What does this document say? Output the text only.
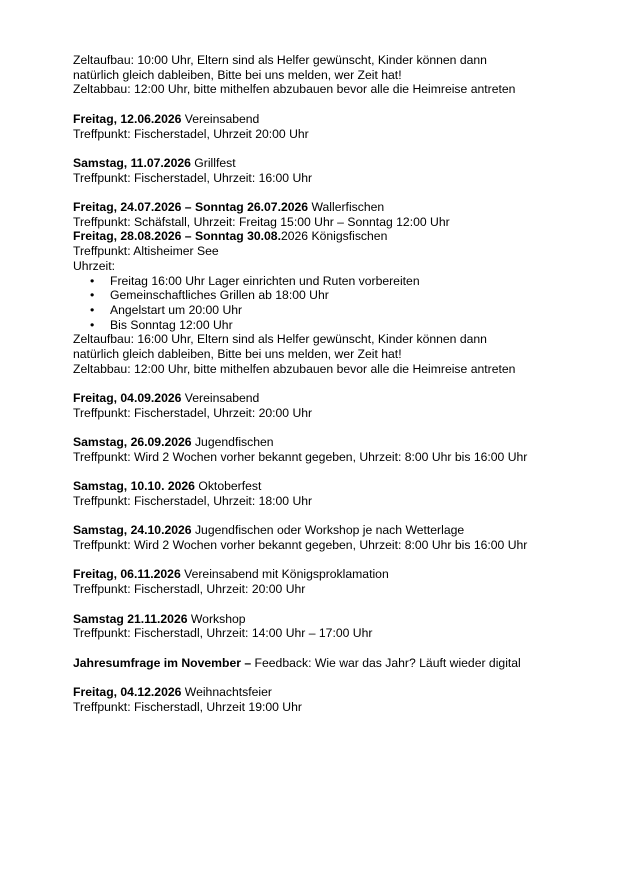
Zeltaufbau: 10:00 Uhr, Eltern sind als Helfer gewünscht, Kinder können dann
natürlich gleich dableiben, Bitte bei uns melden, wer Zeit hat!
Zeltabbau: 12:00 Uhr, bitte mithelfen abzubauen bevor alle die Heimreise antreten
Freitag, 12.06.2026 Vereinsabend
Treffpunkt: Fischerstadel, Uhrzeit 20:00 Uhr
Samstag, 11.07.2026 Grillfest
Treffpunkt: Fischerstadel, Uhrzeit: 16:00 Uhr
Freitag, 24.07.2026 – Sonntag 26.07.2026 Wallerfischen
Treffpunkt: Schäfstall, Uhrzeit: Freitag 15:00 Uhr – Sonntag 12:00 Uhr
Freitag, 28.08.2026 – Sonntag 30.08.2026 Königsfischen
Treffpunkt: Altisheimer See
Uhrzeit:
• Freitag 16:00 Uhr Lager einrichten und Ruten vorbereiten
• Gemeinschaftliches Grillen ab 18:00 Uhr
• Angelstart um 20:00 Uhr
• Bis Sonntag 12:00 Uhr
Zeltaufbau: 16:00 Uhr, Eltern sind als Helfer gewünscht, Kinder können dann
natürlich gleich dableiben, Bitte bei uns melden, wer Zeit hat!
Zeltabbau: 12:00 Uhr, bitte mithelfen abzubauen bevor alle die Heimreise antreten
Freitag, 04.09.2026 Vereinsabend
Treffpunkt: Fischerstadel, Uhrzeit: 20:00 Uhr
Samstag, 26.09.2026 Jugendfischen
Treffpunkt: Wird 2 Wochen vorher bekannt gegeben, Uhrzeit: 8:00 Uhr bis 16:00 Uhr
Samstag, 10.10. 2026 Oktoberfest
Treffpunkt: Fischerstadel, Uhrzeit: 18:00 Uhr
Samstag, 24.10.2026 Jugendfischen oder Workshop je nach Wetterlage
Treffpunkt: Wird 2 Wochen vorher bekannt gegeben, Uhrzeit: 8:00 Uhr bis 16:00 Uhr
Freitag, 06.11.2026 Vereinsabend mit Königsproklamation
Treffpunkt: Fischerstadl, Uhrzeit: 20:00 Uhr
Samstag 21.11.2026 Workshop
Treffpunkt: Fischerstadl, Uhrzeit: 14:00 Uhr – 17:00 Uhr
Jahresumfrage im November – Feedback: Wie war das Jahr? Läuft wieder digital
Freitag, 04.12.2026 Weihnachtsfeier
Treffpunkt: Fischerstadl, Uhrzeit 19:00 Uhr
